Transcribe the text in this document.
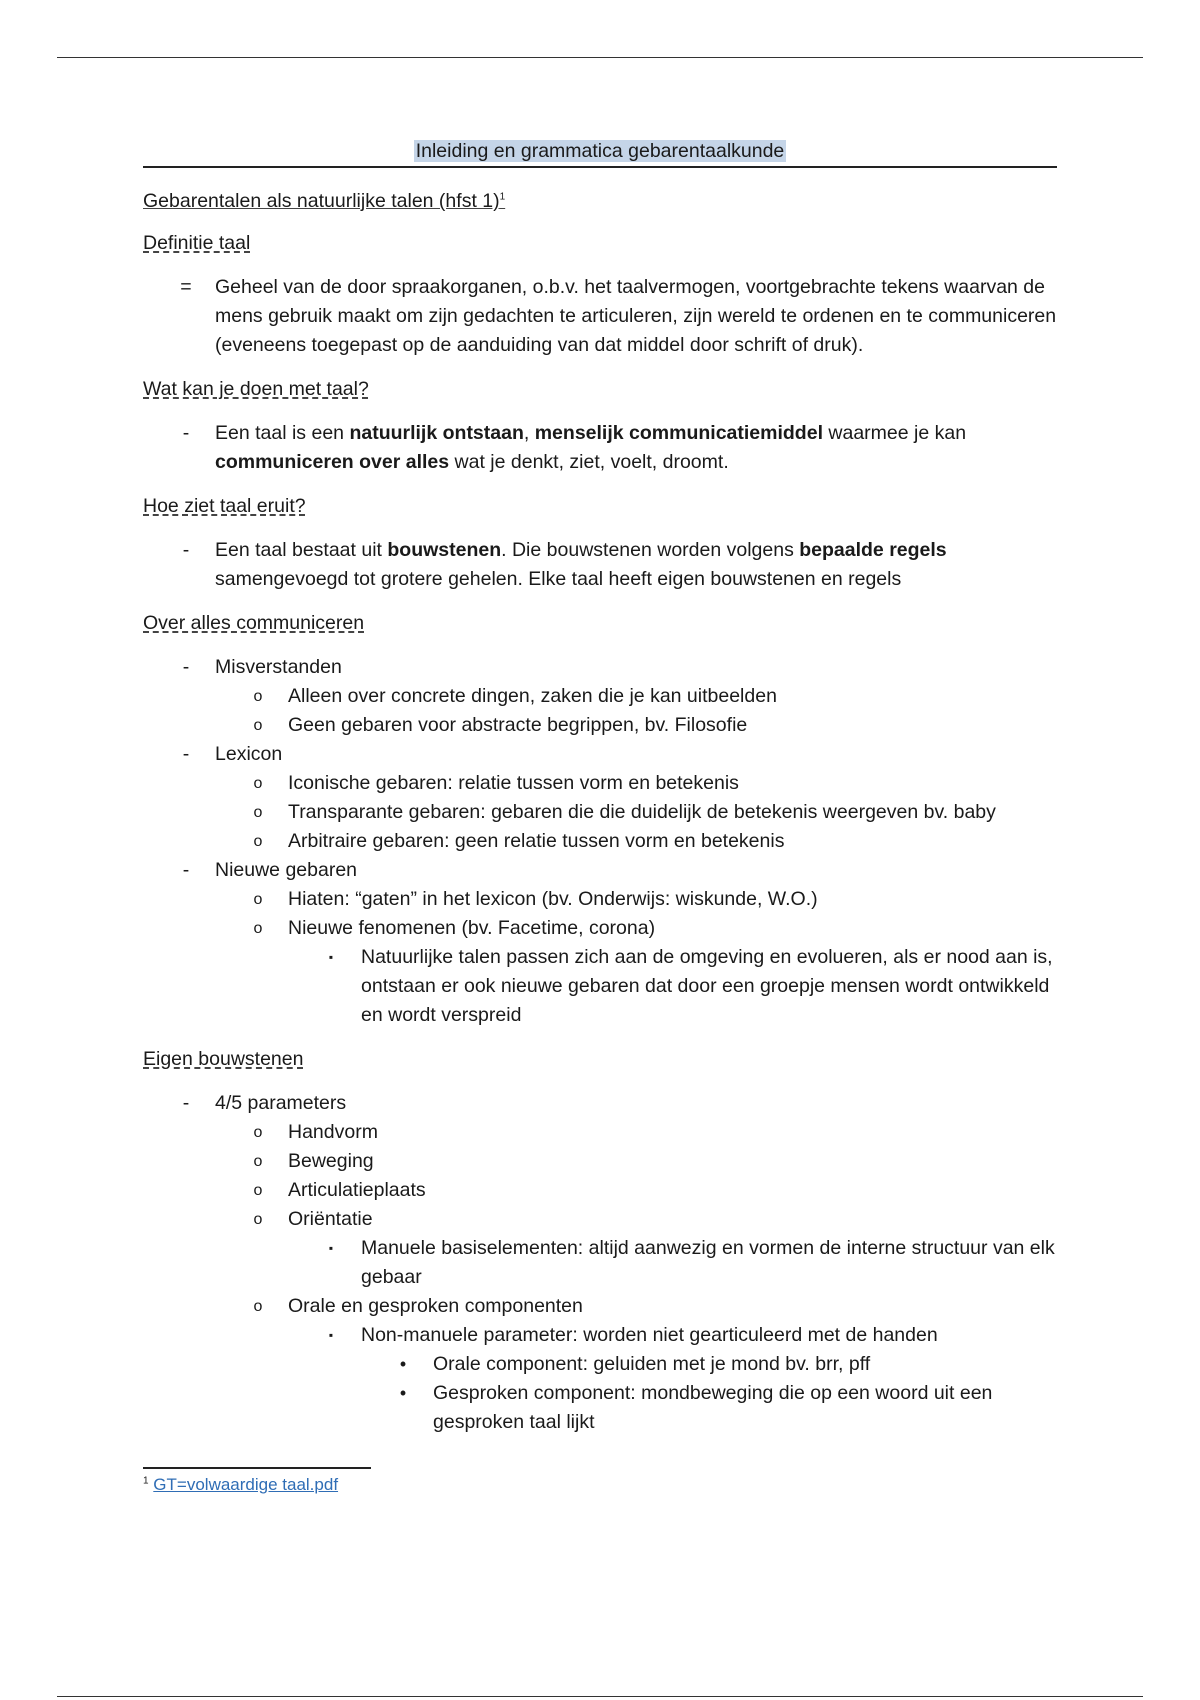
Inleiding en grammatica gebarentaalkunde
Gebarentalen als natuurlijke talen (hfst 1)$^1$
Definitie taal
= Geheel van de door spraakorganen, o.b.v. het taalvermogen, voortgebrachte tekens waarvan de mens gebruik maakt om zijn gedachten te articuleren, zijn wereld te ordenen en te communiceren (eveneens toegepast op de aanduiding van dat middel door schrift of druk).
Wat kan je doen met taal?
-	Een taal is een natuurlijk ontstaan, menselijk communicatiemiddel waarmee je kan communiceren over alles wat je denkt, ziet, voelt, droomt.
Hoe ziet taal eruit?
-	Een taal bestaat uit bouwstenen. Die bouwstenen worden volgens bepaalde regels samengevoegd tot grotere gehelen. Elke taal heeft eigen bouwstenen en regels
Over alles communiceren
-	Misverstanden
o Alleen over concrete dingen, zaken die je kan uitbeelden
o Geen gebaren voor abstracte begrippen, bv. Filosofie
-	Lexicon
o Iconische gebaren: relatie tussen vorm en betekenis
o Transparante gebaren: gebaren die die duidelijk de betekenis weergeven bv. baby
o Arbitraire gebaren: geen relatie tussen vorm en betekenis
-	Nieuwe gebaren
o Hiaten: “gaten” in het lexicon (bv. Onderwijs: wiskunde, W.O.)
o Nieuwe fenomenen (bv. Facetime, corona)
▪	Natuurlijke talen passen zich aan de omgeving en evolueren, als er nood aan is, ontstaan er ook nieuwe gebaren dat door een groepje mensen wordt ontwikkeld en wordt verspreid
Eigen bouwstenen
-	4/5 parameters
o Handvorm
o Beweging
o Articulatieplaats
o Oriëntatie
▪	Manuele basiselementen: altijd aanwezig en vormen de interne structuur van elk gebaar
o Orale en gesproken componenten
▪	Non-manuele parameter: worden niet gearticuleerd met de handen
•	Orale component: geluiden met je mond bv. brr, pff
•	Gesproken component: mondbeweging die op een woord uit een gesproken taal lijkt
$^1$ GT=volwaardige taal.pdf
